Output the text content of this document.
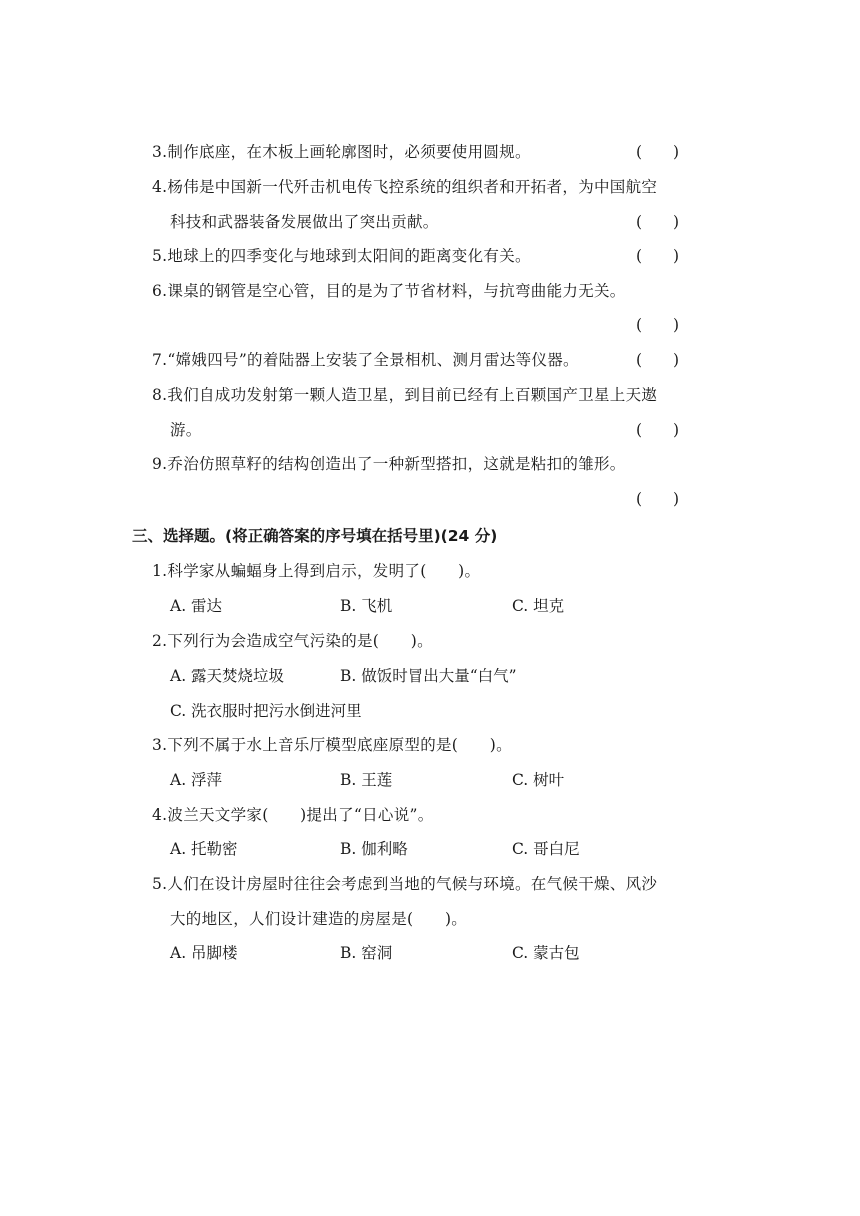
3.制作底座，在木板上画轮廓图时，必须要使用圆规。	(　　)
4.杨伟是中国新一代歼击机电传飞控系统的组织者和开拓者，为中国航空
科技和武器装备发展做出了突出贡献。	(　　)
5.地球上的四季变化与地球到太阳间的距离变化有关。	(　　)
6.课桌的钢管是空心管，目的是为了节省材料，与抗弯曲能力无关。
(　　)
7.“嫦娥四号”的着陆器上安装了全景相机、测月雷达等仪器。	(　　)
8.我们自成功发射第一颗人造卫星，到目前已经有上百颗国产卫星上天遨
游。	(　　)
9.乔治仿照草籽的结构创造出了一种新型搭扣，这就是粘扣的雏形。
(　　)
三、选择题。(将正确答案的序号填在括号里)(24 分)
1.科学家从蝙蝠身上得到启示，发明了(　　)。
A. 雷达	B. 飞机	C. 坦克
2.下列行为会造成空气污染的是(　　)。
A. 露天焚烧垃圾	B. 做饭时冒出大量“白气”
C. 洗衣服时把污水倒进河里
3.下列不属于水上音乐厅模型底座原型的是(　　)。
A. 浮萍	B. 王莲	C. 树叶
4.波兰天文学家(　　)提出了“日心说”。
A. 托勒密	B. 伽利略	C. 哥白尼
5.人们在设计房屋时往往会考虑到当地的气候与环境。在气候干燥、风沙
大的地区，人们设计建造的房屋是(　　)。
A. 吊脚楼	B. 窑洞	C. 蒙古包
